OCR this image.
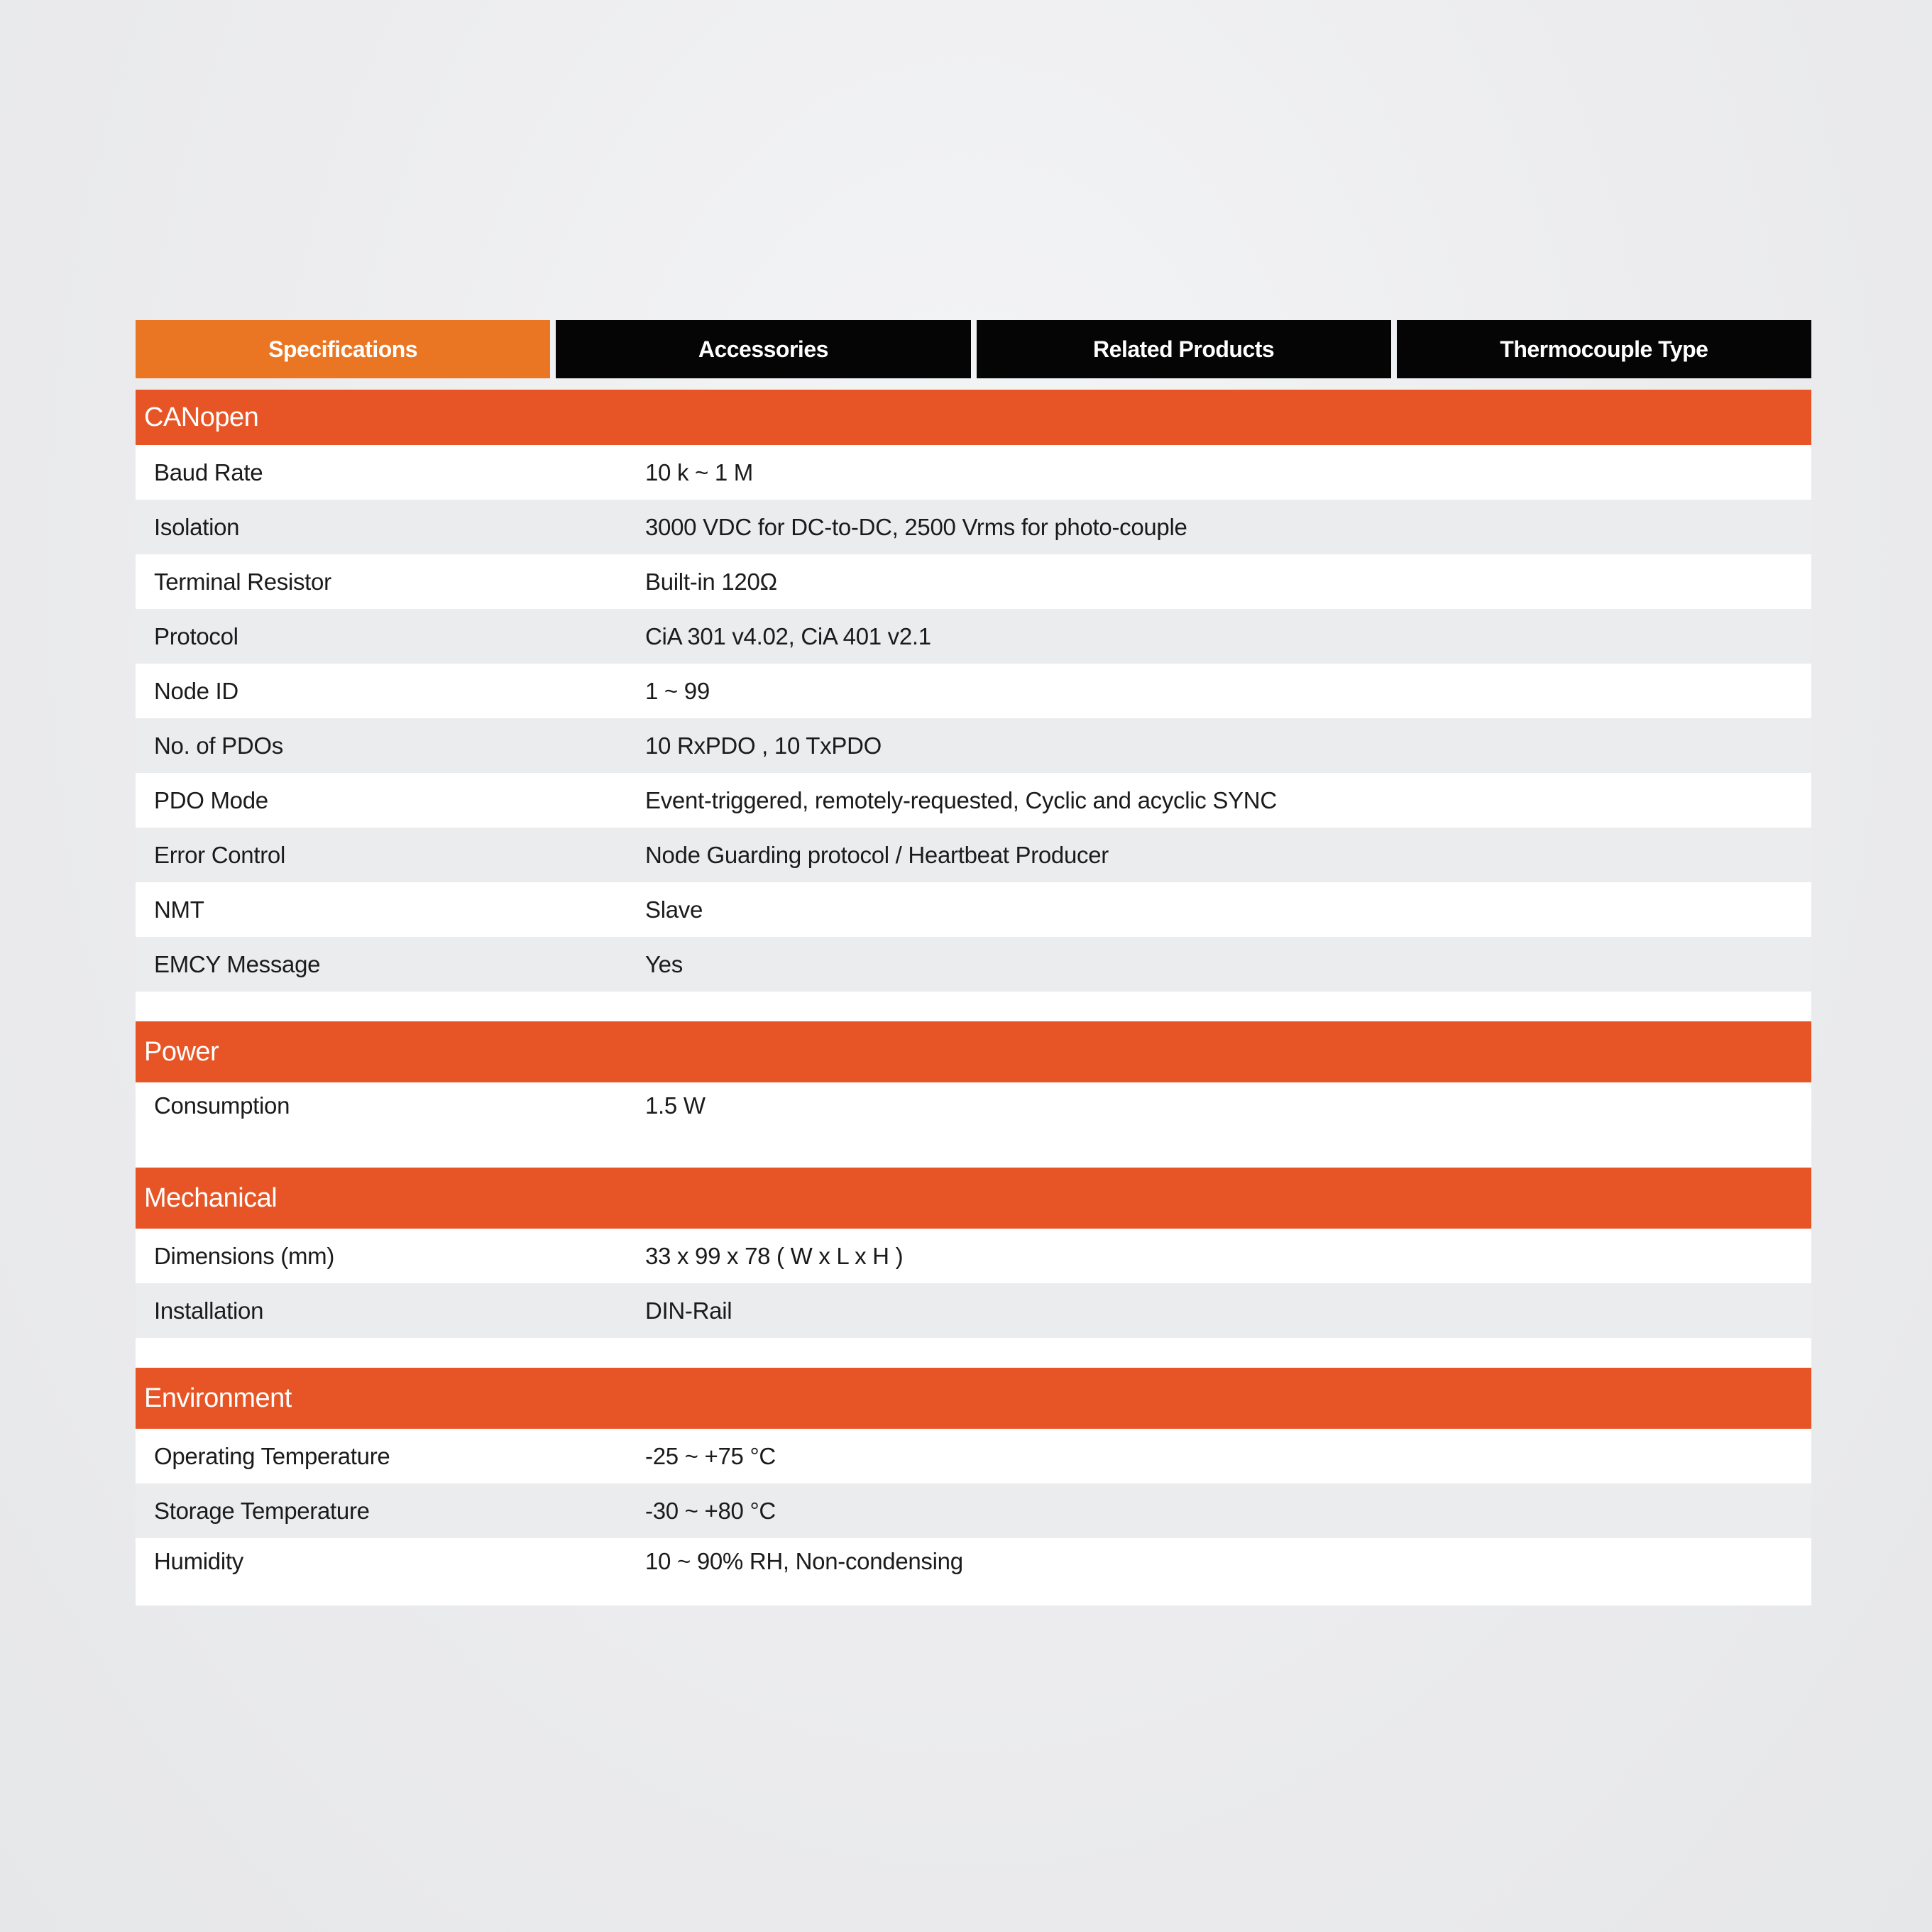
Specifications	Accessories	Related Products	Thermocouple Type
CANopen
Baud Rate	10 k ~ 1 M
Isolation	3000 VDC for DC-to-DC, 2500 Vrms for photo-couple
Terminal Resistor	Built-in 120Ω
Protocol	CiA 301 v4.02, CiA 401 v2.1
Node ID	1 ~ 99
No. of PDOs	10 RxPDO , 10 TxPDO
PDO Mode	Event-triggered, remotely-requested, Cyclic and acyclic SYNC
Error Control	Node Guarding protocol / Heartbeat Producer
NMT	Slave
EMCY Message	Yes
Power
Consumption	1.5 W
Mechanical
Dimensions (mm)	33 x 99 x 78 ( W x L x H )
Installation	DIN-Rail
Environment
Operating Temperature	-25 ~ +75 °C
Storage Temperature	-30 ~ +80 °C
Humidity	10 ~ 90% RH, Non-condensing
